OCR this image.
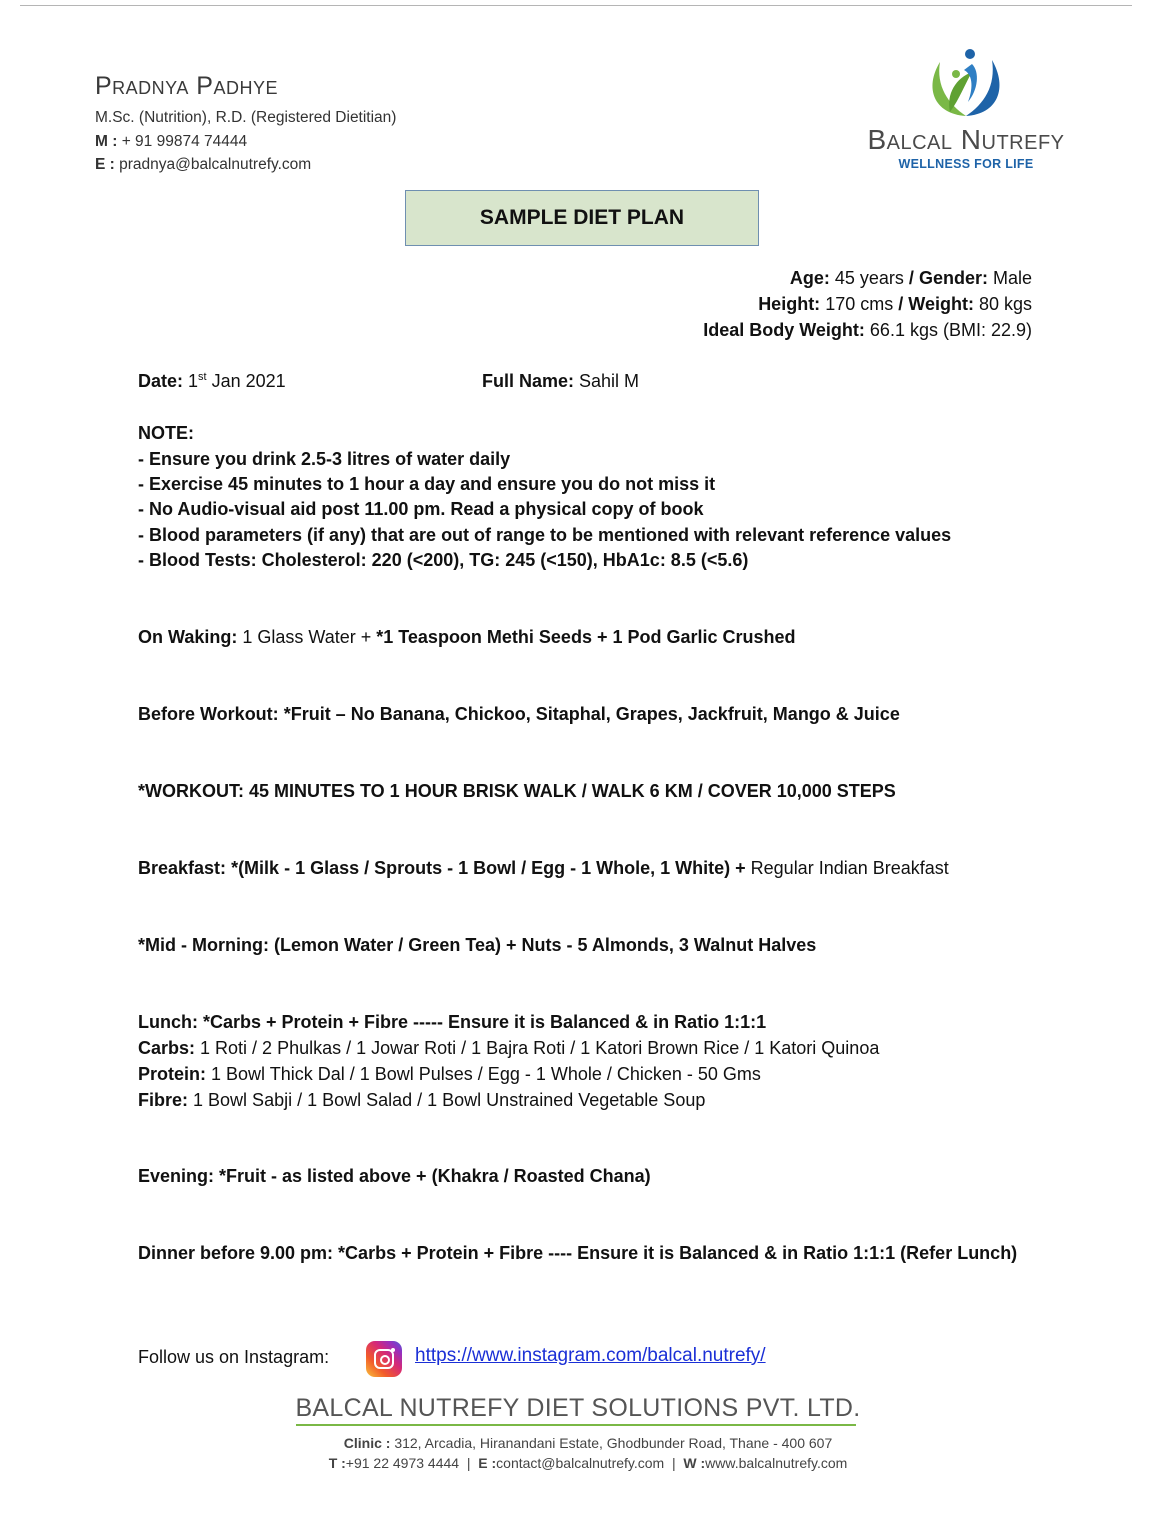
Pradnya Padhye
M.Sc. (Nutrition), R.D. (Registered Dietitian)
M : + 91 99874 74444
E : pradnya@balcalnutrefy.com
Balcal Nutrefy
WELLNESS FOR LIFE
SAMPLE DIET PLAN
Age: 45 years / Gender: Male
Height: 170 cms / Weight: 80 kgs
Ideal Body Weight: 66.1 kgs (BMI: 22.9)
Date: 1st Jan 2021	Full Name: Sahil M
NOTE:
- Ensure you drink 2.5-3 litres of water daily
- Exercise 45 minutes to 1 hour a day and ensure you do not miss it
- No Audio-visual aid post 11.00 pm. Read a physical copy of book
- Blood parameters (if any) that are out of range to be mentioned with relevant reference values
- Blood Tests: Cholesterol: 220 (<200), TG: 245 (<150), HbA1c: 8.5 (<5.6)
On Waking: 1 Glass Water + *1 Teaspoon Methi Seeds + 1 Pod Garlic Crushed
Before Workout: *Fruit – No Banana, Chickoo, Sitaphal, Grapes, Jackfruit, Mango & Juice
*WORKOUT: 45 MINUTES TO 1 HOUR BRISK WALK / WALK 6 KM / COVER 10,000 STEPS
Breakfast: *(Milk - 1 Glass / Sprouts - 1 Bowl / Egg - 1 Whole, 1 White) + Regular Indian Breakfast
*Mid - Morning: (Lemon Water / Green Tea) + Nuts - 5 Almonds, 3 Walnut Halves
Lunch: *Carbs + Protein + Fibre ----- Ensure it is Balanced & in Ratio 1:1:1
Carbs: 1 Roti / 2 Phulkas / 1 Jowar Roti / 1 Bajra Roti / 1 Katori Brown Rice / 1 Katori Quinoa
Protein: 1 Bowl Thick Dal / 1 Bowl Pulses / Egg - 1 Whole / Chicken - 50 Gms
Fibre: 1 Bowl Sabji / 1 Bowl Salad / 1 Bowl Unstrained Vegetable Soup
Evening: *Fruit - as listed above + (Khakra / Roasted Chana)
Dinner before 9.00 pm: *Carbs + Protein + Fibre ---- Ensure it is Balanced & in Ratio 1:1:1 (Refer Lunch)
Follow us on Instagram:	https://www.instagram.com/balcal.nutrefy/
BALCAL NUTREFY DIET SOLUTIONS PVT. LTD.
Clinic : 312, Arcadia, Hiranandani Estate, Ghodbunder Road, Thane - 400 607
T :+91 22 4973 4444 | E :contact@balcalnutrefy.com | W :www.balcalnutrefy.com
